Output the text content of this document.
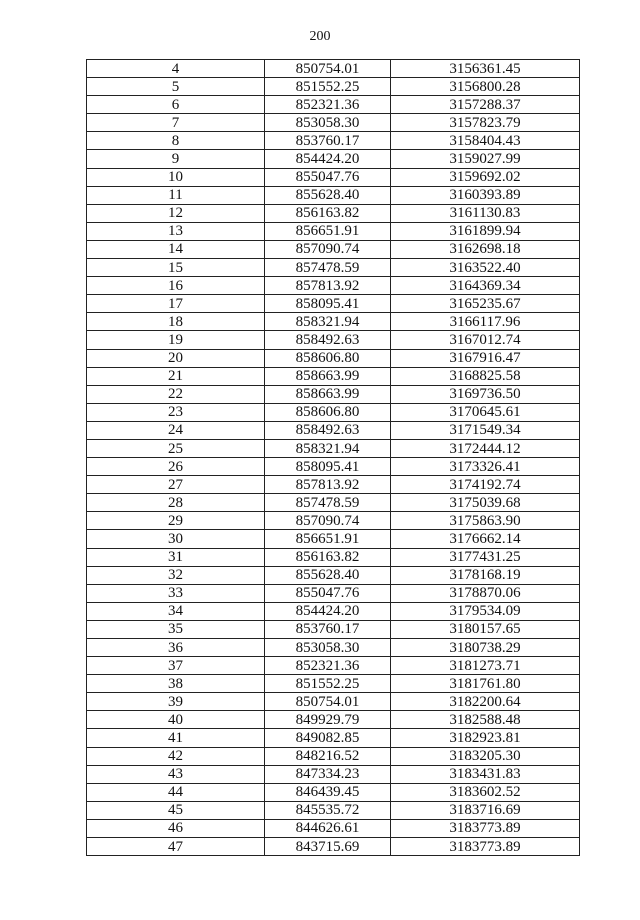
200
4	850754.01	3156361.45
5	851552.25	3156800.28
6	852321.36	3157288.37
7	853058.30	3157823.79
8	853760.17	3158404.43
9	854424.20	3159027.99
10	855047.76	3159692.02
11	855628.40	3160393.89
12	856163.82	3161130.83
13	856651.91	3161899.94
14	857090.74	3162698.18
15	857478.59	3163522.40
16	857813.92	3164369.34
17	858095.41	3165235.67
18	858321.94	3166117.96
19	858492.63	3167012.74
20	858606.80	3167916.47
21	858663.99	3168825.58
22	858663.99	3169736.50
23	858606.80	3170645.61
24	858492.63	3171549.34
25	858321.94	3172444.12
26	858095.41	3173326.41
27	857813.92	3174192.74
28	857478.59	3175039.68
29	857090.74	3175863.90
30	856651.91	3176662.14
31	856163.82	3177431.25
32	855628.40	3178168.19
33	855047.76	3178870.06
34	854424.20	3179534.09
35	853760.17	3180157.65
36	853058.30	3180738.29
37	852321.36	3181273.71
38	851552.25	3181761.80
39	850754.01	3182200.64
40	849929.79	3182588.48
41	849082.85	3182923.81
42	848216.52	3183205.30
43	847334.23	3183431.83
44	846439.45	3183602.52
45	845535.72	3183716.69
46	844626.61	3183773.89
47	843715.69	3183773.89
